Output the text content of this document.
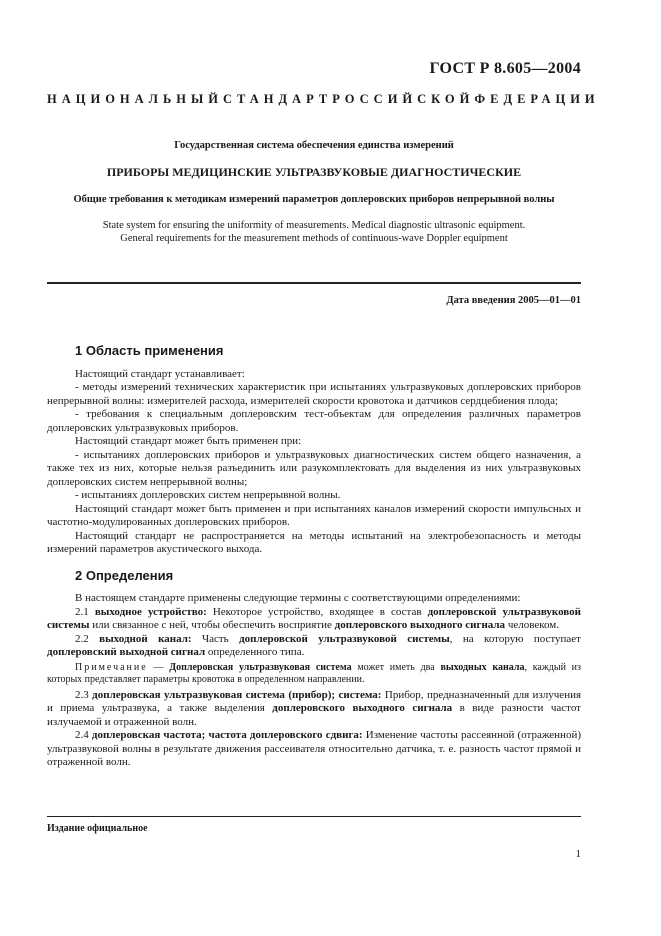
ГОСТ Р 8.605—2004
НАЦИОНАЛЬНЫЙ СТАНДАРТ РОССИЙСКОЙ ФЕДЕРАЦИИ
Государственная система обеспечения единства измерений
ПРИБОРЫ МЕДИЦИНСКИЕ УЛЬТРАЗВУКОВЫЕ ДИАГНОСТИЧЕСКИЕ
Общие требования к методикам измерений параметров доплеровских приборов непрерывной волны
State system for ensuring the uniformity of measurements. Medical diagnostic ultrasonic equipment.
General requirements for the measurement methods of continuous-wave Doppler equipment
Дата введения 2005—01—01
1 Область применения

Настоящий стандарт устанавливает:

- методы измерений технических характеристик при испытаниях ультразвуковых доплеровских приборов непрерывной волны: измерителей расхода, измерителей скорости кровотока и датчиков сердцебиения плода;

- требования к специальным доплеровским тест-объектам для определения различных параметров доплеровских ультразвуковых приборов.

Настоящий стандарт может быть применен при:

- испытаниях доплеровских приборов и ультразвуковых диагностических систем общего назначения, а также тех из них, которые нельзя разъединить или разукомплектовать для выделения из них ультразвуковых доплеровских систем непрерывной волны;

- испытаниях доплеровских систем непрерывной волны.

Настоящий стандарт может быть применен и при испытаниях каналов измерений скорости импульсных и частотно-модулированных доплеровских приборов.

Настоящий стандарт не распространяется на методы испытаний на электробезопасность и методы измерений параметров акустического выхода.

2 Определения

В настоящем стандарте применены следующие термины с соответствующими определениями:

2.1 выходное устройство: Некоторое устройство, входящее в состав доплеровской ультразвуковой системы или связанное с ней, чтобы обеспечить восприятие доплеровского выходного сигнала человеком.

2.2 выходной канал: Часть доплеровской ультразвуковой системы, на которую поступает доплеровский выходной сигнал определенного типа.

Примечание — Доплеровская ультразвуковая система может иметь два выходных канала, каждый из которых представляет параметры кровотока в определенном направлении.

2.3 доплеровская ультразвуковая система (прибор); система: Прибор, предназначенный для излучения и приема ультразвука, а также выделения доплеровского выходного сигнала в виде разности частот излучаемой и отраженной волн.

2.4 доплеровская частота; частота доплеровского сдвига: Изменение частоты рассеянной (отраженной) ультразвуковой волны в результате движения рассеивателя относительно датчика, т. е. разность частот прямой и отраженной волн.

Издание официальное
1
